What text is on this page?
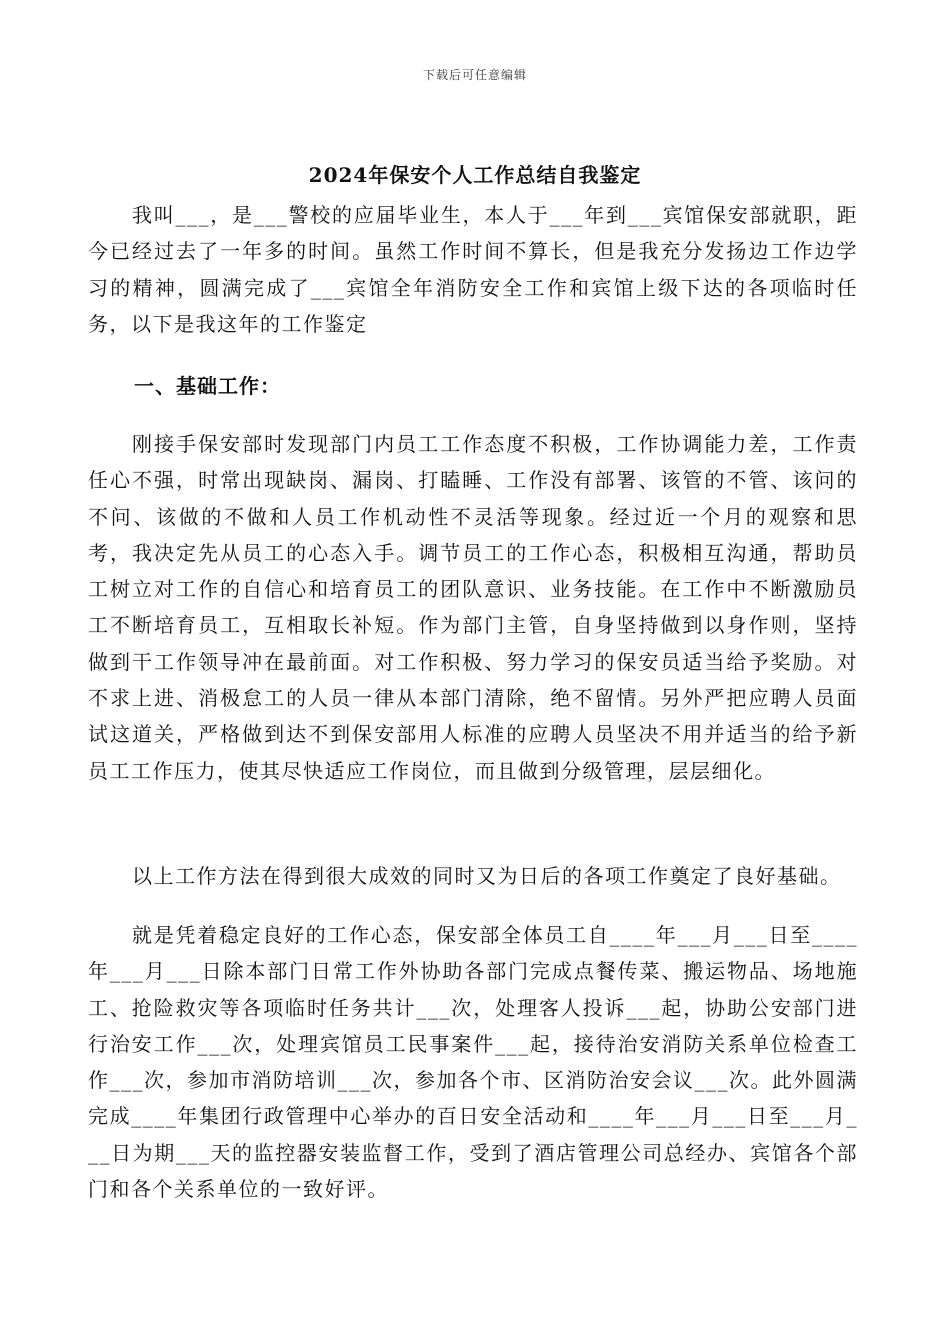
下载后可任意编辑
2024年保安个人工作总结自我鉴定

我叫___，是___警校的应届毕业生，本人于___年到___宾馆保安部就职，距今已经过去了一年多的时间。虽然工作时间不算长，但是我充分发扬边工作边学习的精神，圆满完成了___宾馆全年消防安全工作和宾馆上级下达的各项临时任务，以下是我这年的工作鉴定

一、基础工作：

刚接手保安部时发现部门内员工工作态度不积极，工作协调能力差，工作责任心不强，时常出现缺岗、漏岗、打瞌睡、工作没有部署、该管的不管、该问的不问、该做的不做和人员工作机动性不灵活等现象。经过近一个月的观察和思考，我决定先从员工的心态入手。调节员工的工作心态，积极相互沟通，帮助员工树立对工作的自信心和培育员工的团队意识、业务技能。在工作中不断激励员工不断培育员工，互相取长补短。作为部门主管，自身坚持做到以身作则，坚持做到干工作领导冲在最前面。对工作积极、努力学习的保安员适当给予奖励。对不求上进、消极怠工的人员一律从本部门清除，绝不留情。另外严把应聘人员面试这道关，严格做到达不到保安部用人标准的应聘人员坚决不用并适当的给予新员工工作压力，使其尽快适应工作岗位，而且做到分级管理，层层细化。

以上工作方法在得到很大成效的同时又为日后的各项工作奠定了良好基础。

就是凭着稳定良好的工作心态，保安部全体员工自____年___月___日至____年___月___日除本部门日常工作外协助各部门完成点餐传菜、搬运物品、场地施工、抢险救灾等各项临时任务共计___次，处理客人投诉___起，协助公安部门进行治安工作___次，处理宾馆员工民事案件___起，接待治安消防关系单位检查工作___次，参加市消防培训___次，参加各个市、区消防治安会议___次。此外圆满完成____年集团行政管理中心举办的百日安全活动和____年___月___日至___月___日为期___天的监控器安装监督工作，受到了酒店管理公司总经办、宾馆各个部门和各个关系单位的一致好评。
